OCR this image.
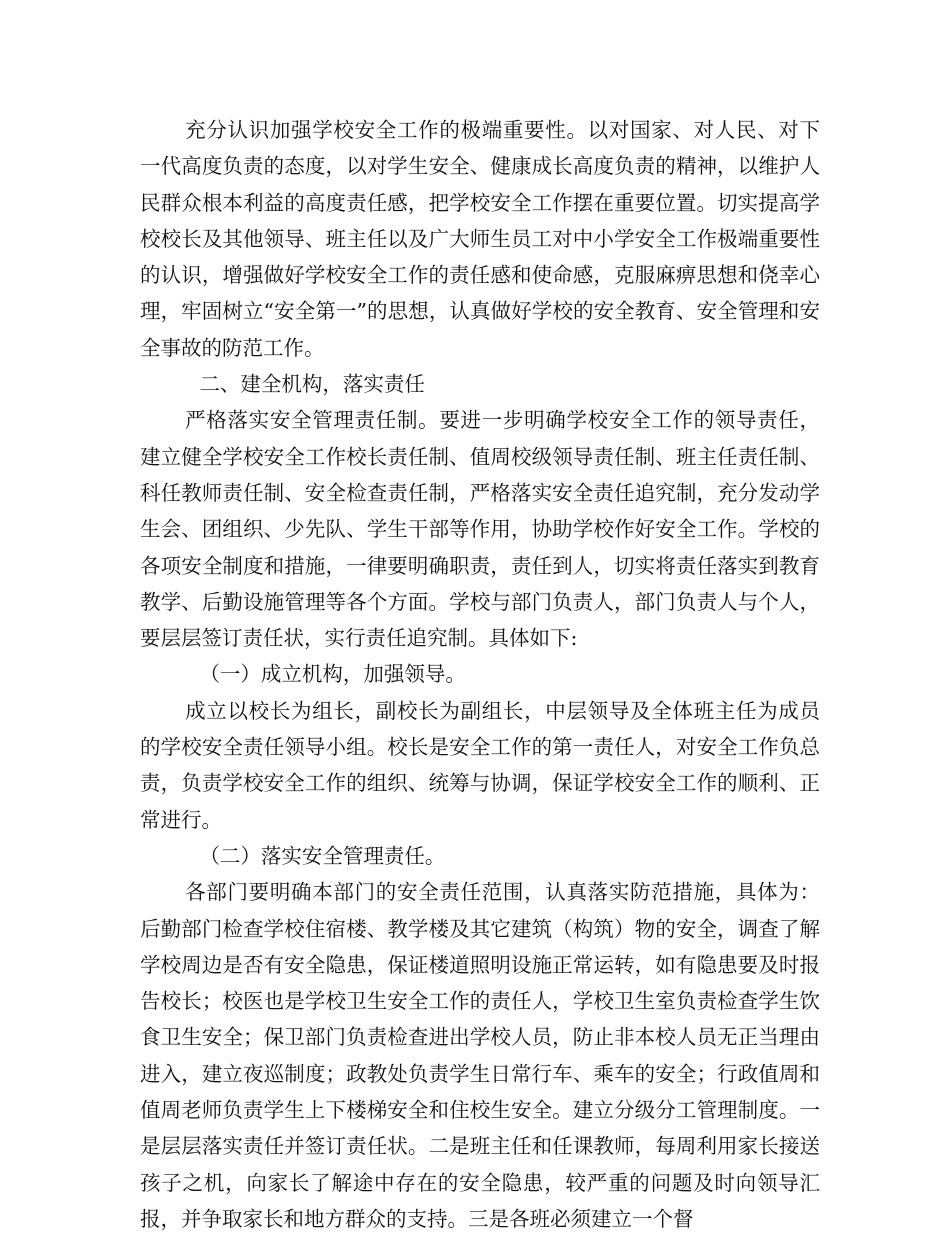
充分认识加强学校安全工作的极端重要性。以对国家、对人民、对下一代高度负责的态度，以对学生安全、健康成长高度负责的精神，以维护人民群众根本利益的高度责任感，把学校安全工作摆在重要位置。切实提高学校校长及其他领导、班主任以及广大师生员工对中小学安全工作极端重要性的认识，增强做好学校安全工作的责任感和使命感，克服麻痹思想和侥幸心理，牢固树立“安全第一”的思想，认真做好学校的安全教育、安全管理和安全事故的防范工作。

二、建全机构，落实责任

严格落实安全管理责任制。要进一步明确学校安全工作的领导责任，建立健全学校安全工作校长责任制、值周校级领导责任制、班主任责任制、科任教师责任制、安全检查责任制，严格落实安全责任追究制，充分发动学生会、团组织、少先队、学生干部等作用，协助学校作好安全工作。学校的各项安全制度和措施，一律要明确职责，责任到人，切实将责任落实到教育教学、后勤设施管理等各个方面。学校与部门负责人，部门负责人与个人，要层层签订责任状，实行责任追究制。具体如下:

（一）成立机构，加强领导。

成立以校长为组长，副校长为副组长，中层领导及全体班主任为成员的学校安全责任领导小组。校长是安全工作的第一责任人，对安全工作负总责，负责学校安全工作的组织、统筹与协调，保证学校安全工作的顺利、正常进行。

（二）落实安全管理责任。

各部门要明确本部门的安全责任范围，认真落实防范措施，具体为：后勤部门检查学校住宿楼、教学楼及其它建筑（构筑）物的安全，调查了解学校周边是否有安全隐患，保证楼道照明设施正常运转，如有隐患要及时报告校长；校医也是学校卫生安全工作的责任人，学校卫生室负责检查学生饮食卫生安全；保卫部门负责检查进出学校人员，防止非本校人员无正当理由进入，建立夜巡制度；政教处负责学生日常行车、乘车的安全；行政值周和值周老师负责学生上下楼梯安全和住校生安全。建立分级分工管理制度。一是层层落实责任并签订责任状。二是班主任和任课教师，每周利用家长接送孩子之机，向家长了解途中存在的安全隐患，较严重的问题及时向领导汇报，并争取家长和地方群众的支持。三是各班必须建立一个督
